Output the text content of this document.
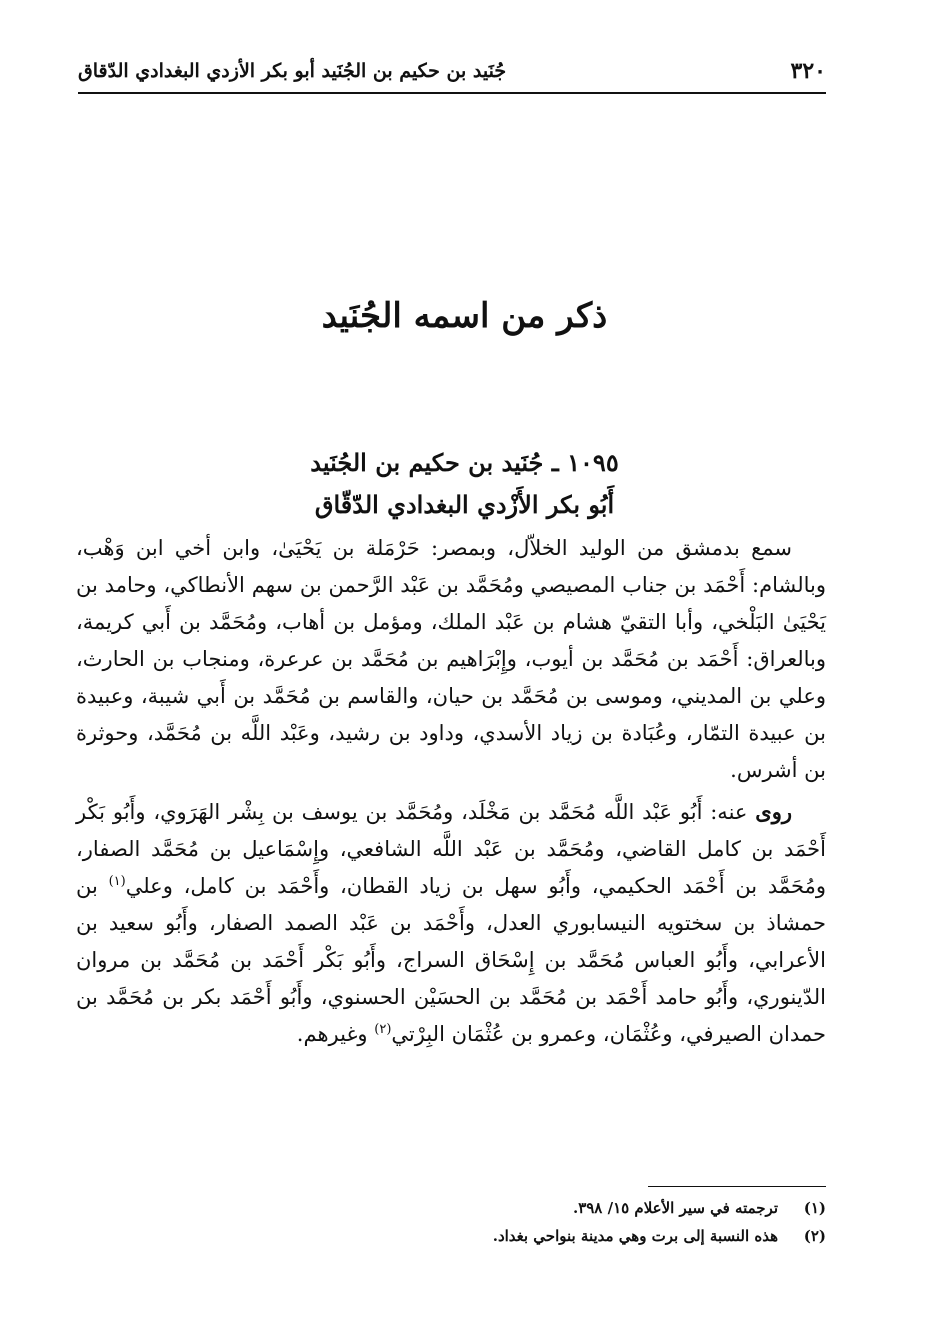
٣٢٠
جُنَيد بن حكيم بن الجُنَيد أبو بكر الأزدي البغدادي الدّقاق
ذكر من اسمه الجُنَيد
١٠٩٥ ـ جُنَيد بن حكيم بن الجُنَيد
أَبُو بكر الأَزْدي البغدادي الدّقّاق

سمع بدمشق من الوليد الخلاّل، وبمصر: حَرْمَلة بن يَحْيَىٰ، وابن أخي ابن وَهْب، وبالشام: أَحْمَد بن جناب المصيصي ومُحَمَّد بن عَبْد الرَّحمن بن سهم الأنطاكي، وحامد بن يَحْيَىٰ البَلْخي، وأبا التقيّ هشام بن عَبْد الملك، ومؤمل بن أهاب، ومُحَمَّد بن أَبي كريمة، وبالعراق: أَحْمَد بن مُحَمَّد بن أيوب، وإِبْرَاهيم بن مُحَمَّد بن عرعرة، ومنجاب بن الحارث، وعلي بن المديني، وموسى بن مُحَمَّد بن حيان، والقاسم بن مُحَمَّد بن أَبي شيبة، وعبيدة بن عبيدة التمّار، وعُبَادة بن زياد الأسدي، وداود بن رشيد، وعَبْد اللَّه بن مُحَمَّد، وحوثرة بن أشرس.

روى عنه: أَبُو عَبْد اللَّه مُحَمَّد بن مَخْلَد، ومُحَمَّد بن يوسف بن بِشْر الهَرَوي، وأَبُو بَكْر أَحْمَد بن كامل القاضي، ومُحَمَّد بن عَبْد اللَّه الشافعي، وإِسْمَاعيل بن مُحَمَّد الصفار، ومُحَمَّد بن أَحْمَد الحكيمي، وأَبُو سهل بن زياد القطان، وأَحْمَد بن كامل، وعلي$^{(١)}$ بن حمشاذ بن سختويه النيسابوري العدل، وأَحْمَد بن عَبْد الصمد الصفار، وأَبُو سعيد بن الأعرابي، وأَبُو العباس مُحَمَّد بن إِسْحَاق السراج، وأَبُو بَكْر أَحْمَد بن مُحَمَّد بن مروان الدّينوري، وأَبُو حامد أَحْمَد بن مُحَمَّد بن الحسَيْن الحسنوي، وأَبُو أَحْمَد بكر بن مُحَمَّد بن حمدان الصيرفي، وعُثْمَان، وعمرو بن عُثْمَان البِرْتي$^{(٢)}$ وغيرهم.

(١)ترجمته في سير الأعلام ١٥/ ٣٩٨.
(٢)هذه النسبة إلى برت وهي مدينة بنواحي بغداد.
